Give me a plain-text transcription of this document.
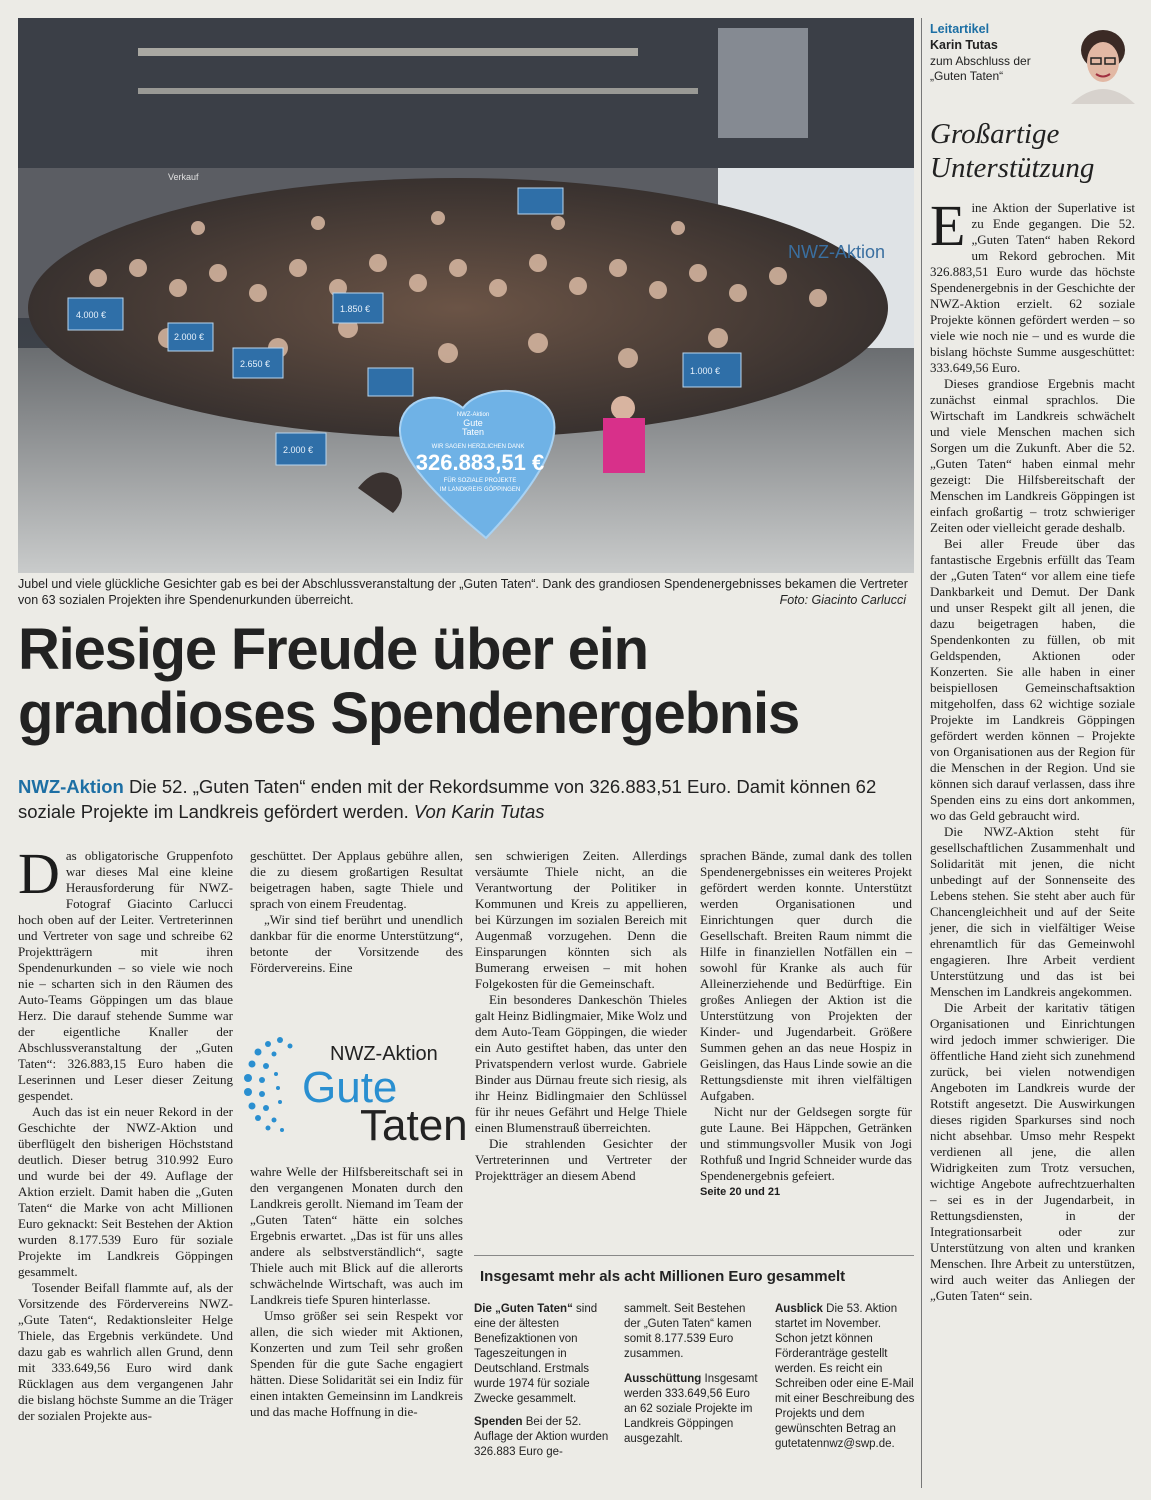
4.000 €
2.650 €
2.000 €
1.000 €
1.850 €
2.000 €
NWZ-Aktion
Verkauf
NWZ-Aktion
Gute
Taten
WIR SAGEN HERZLICHEN DANK
326.883,51 €
FÜR SOZIALE PROJEKTE
IM LANDKREIS GÖPPINGEN
Jubel und viele glückliche Gesichter gab es bei der Abschlussveranstaltung der „Guten Taten“. Dank des grandiosen Spendenergebnisses bekamen die Vertreter von 63 sozialen Projekten ihre Spendenurkunden überreicht.	Foto: Giacinto Carlucci
Riesige Freude über ein grandioses Spendenergebnis
NWZ-Aktion Die 52. „Guten Taten“ enden mit der Rekordsumme von 326.883,51 Euro. Damit können 62 soziale Projekte im Landkreis gefördert werden. Von Karin Tutas

Das obligatorische Gruppenfoto war dieses Mal eine kleine Herausforderung für NWZ-Fotograf Giacinto Carlucci hoch oben auf der Leiter. Vertreterinnen und Vertreter von sage und schreibe 62 Projektträgern mit ihren Spendenurkunden – so viele wie noch nie – scharten sich in den Räumen des Auto-Teams Göppingen um das blaue Herz. Die darauf stehende Summe war der eigentliche Knaller der Abschlussveranstaltung der „Guten Taten“: 326.883,15 Euro haben die Leserinnen und Leser dieser Zeitung gespendet.

Auch das ist ein neuer Rekord in der Geschichte der NWZ-Aktion und überflügelt den bisherigen Höchststand deutlich. Dieser betrug 310.992 Euro und wurde bei der 49. Auflage der Aktion erzielt. Damit haben die „Guten Taten“ die Marke von acht Millionen Euro geknackt: Seit Bestehen der Aktion wurden 8.177.539 Euro für soziale Projekte im Landkreis Göppingen gesammelt.

Tosender Beifall flammte auf, als der Vorsitzende des Fördervereins NWZ-„Gute Taten“, Redaktionsleiter Helge Thiele, das Ergebnis verkündete. Und dazu gab es wahrlich allen Grund, denn mit 333.649,56 Euro wird dank Rücklagen aus dem vergangenen Jahr die bislang höchste Summe an die Träger der sozialen Projekte aus-

geschüttet. Der Applaus gebühre allen, die zu diesem großartigen Resultat beigetragen haben, sagte Thiele und sprach von einem Freudentag.

„Wir sind tief berührt und unendlich dankbar für die enorme Unterstützung“, betonte der Vorsitzende des Fördervereins. Eine

NWZ-Aktion
Gute
Taten

wahre Welle der Hilfsbereitschaft sei in den vergangenen Monaten durch den Landkreis gerollt. Niemand im Team der „Guten Taten“ hätte ein solches Ergebnis erwartet. „Das ist für uns alles andere als selbstverständlich“, sagte Thiele auch mit Blick auf die allerorts schwächelnde Wirtschaft, was auch im Landkreis tiefe Spuren hinterlasse.

Umso größer sei sein Respekt vor allen, die sich wieder mit Aktionen, Konzerten und zum Teil sehr großen Spenden für die gute Sache engagiert hätten. Diese Solidarität sei ein Indiz für einen intakten Gemeinsinn im Landkreis und das mache Hoffnung in die-

sen schwierigen Zeiten. Allerdings versäumte Thiele nicht, an die Verantwortung der Politiker in Kommunen und Kreis zu appellieren, bei Kürzungen im sozialen Bereich mit Augenmaß vorzugehen. Denn die Einsparungen könnten sich als Bumerang erweisen – mit hohen Folgekosten für die Gemeinschaft.

Ein besonderes Dankeschön Thieles galt Heinz Bidlingmaier, Mike Wolz und dem Auto-Team Göppingen, die wieder ein Auto gestiftet haben, das unter den Privatspendern verlost wurde. Gabriele Binder aus Dürnau freute sich riesig, als ihr Heinz Bidlingmaier den Schlüssel für ihr neues Gefährt und Helge Thiele einen Blumenstrauß überreichten.

Die strahlenden Gesichter der Vertreterinnen und Vertreter der Projektträger an diesem Abend

sprachen Bände, zumal dank des tollen Spendenergebnisses ein weiteres Projekt gefördert werden konnte. Unterstützt werden Organisationen und Einrichtungen quer durch die Gesellschaft. Breiten Raum nimmt die Hilfe in finanziellen Notfällen ein – sowohl für Kranke als auch für Alleinerziehende und Bedürftige. Ein großes Anliegen der Aktion ist die Unterstützung von Projekten der Kinder- und Jugendarbeit. Größere Summen gehen an das neue Hospiz in Geislingen, das Haus Linde sowie an die Rettungsdienste mit ihren vielfältigen Aufgaben.

Nicht nur der Geldsegen sorgte für gute Laune. Bei Häppchen, Getränken und stimmungsvoller Musik von Jogi Rothfuß und Ingrid Schneider wurde das Spendenergebnis gefeiert.

Seite 20 und 21
Insgesamt mehr als acht Millionen Euro gesammelt
Die „Guten Taten“ sind eine der ältesten Benefizaktionen von Tageszeitungen in Deutschland. Erstmals wurde 1974 für soziale Zwecke gesammelt.
Spenden Bei der 52. Auflage der Aktion wurden 326.883 Euro ge-
sammelt. Seit Bestehen der „Guten Taten“ kamen somit 8.177.539 Euro zusammen.
Ausschüttung Insgesamt werden 333.649,56 Euro an 62 soziale Projekte im Landkreis Göppingen ausgezahlt.
Ausblick Die 53. Aktion startet im November. Schon jetzt können Förderanträge gestellt werden. Es reicht ein Schreiben oder eine E-Mail mit einer Beschreibung des Projekts und dem gewünschten Betrag an gutetatennwz@swp.de.
Leitartikel
Karin Tutas
zum Abschluss der „Guten Taten“
Großartige Unterstützung

Eine Aktion der Superlative ist zu Ende gegangen. Die 52. „Guten Taten“ haben Rekord um Rekord gebrochen. Mit 326.883,51 Euro wurde das höchste Spendenergebnis in der Geschichte der NWZ-Aktion erzielt. 62 soziale Projekte können gefördert werden – so viele wie noch nie – und es wurde die bislang höchste Summe ausgeschüttet: 333.649,56 Euro.

Dieses grandiose Ergebnis macht zunächst einmal sprachlos. Die Wirtschaft im Landkreis schwächelt und viele Menschen machen sich Sorgen um die Zukunft. Aber die 52. „Guten Taten“ haben einmal mehr gezeigt: Die Hilfsbereitschaft der Menschen im Landkreis Göppingen ist einfach großartig – trotz schwieriger Zeiten oder vielleicht gerade deshalb.

Bei aller Freude über das fantastische Ergebnis erfüllt das Team der „Guten Taten“ vor allem eine tiefe Dankbarkeit und Demut. Der Dank und unser Respekt gilt all jenen, die dazu beigetragen haben, die Spendenkonten zu füllen, ob mit Geldspenden, Aktionen oder Konzerten. Sie alle haben in einer beispiellosen Gemeinschaftsaktion mitgeholfen, dass 62 wichtige soziale Projekte im Landkreis Göppingen gefördert werden können – Projekte von Organisationen aus der Region für die Menschen in der Region. Und sie können sich darauf verlassen, dass ihre Spenden eins zu eins dort ankommen, wo das Geld gebraucht wird.

Die NWZ-Aktion steht für gesellschaftlichen Zusammenhalt und Solidarität mit jenen, die nicht unbedingt auf der Sonnenseite des Lebens stehen. Sie steht aber auch für Chancengleichheit und auf der Seite jener, die sich in vielfältiger Weise ehrenamtlich für das Gemeinwohl engagieren. Ihre Arbeit verdient Unterstützung und das ist bei Menschen im Landkreis angekommen.

Die Arbeit der karitativ tätigen Organisationen und Einrichtungen wird jedoch immer schwieriger. Die öffentliche Hand zieht sich zunehmend zurück, bei vielen notwendigen Angeboten im Landkreis wurde der Rotstift angesetzt. Die Auswirkungen dieses rigiden Sparkurses sind noch nicht absehbar. Umso mehr Respekt verdienen all jene, die allen Widrigkeiten zum Trotz versuchen, wichtige Angebote aufrechtzuerhalten – sei es in der Jugendarbeit, in Rettungsdiensten, in der Integrationsarbeit oder zur Unterstützung von alten und kranken Menschen. Ihre Arbeit zu unterstützen, wird auch weiter das Anliegen der „Guten Taten“ sein.
